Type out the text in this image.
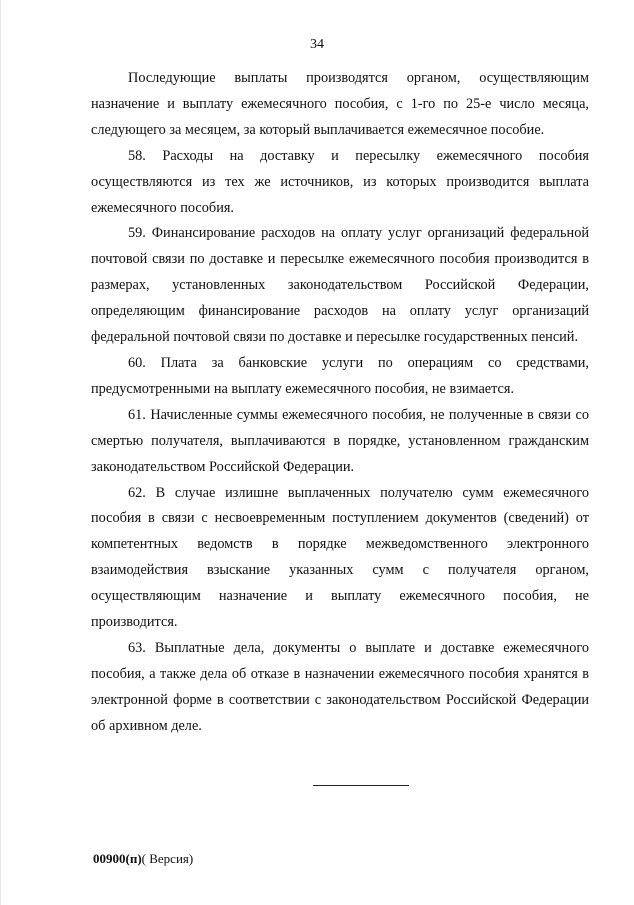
34

Последующие выплаты производятся органом, осуществляющим назначение и выплату ежемесячного пособия, с 1-го по 25-е число месяца, следующего за месяцем, за который выплачивается ежемесячное пособие.

58. Расходы на доставку и пересылку ежемесячного пособия осуществляются из тех же источников, из которых производится выплата ежемесячного пособия.

59. Финансирование расходов на оплату услуг организаций федеральной почтовой связи по доставке и пересылке ежемесячного пособия производится в размерах, установленных законодательством Российской Федерации, определяющим финансирование расходов на оплату услуг организаций федеральной почтовой связи по доставке и пересылке государственных пенсий.

60. Плата за банковские услуги по операциям со средствами, предусмотренными на выплату ежемесячного пособия, не взимается.

61. Начисленные суммы ежемесячного пособия, не полученные в связи со смертью получателя, выплачиваются в порядке, установленном гражданским законодательством Российской Федерации.

62. В случае излишне выплаченных получателю сумм ежемесячного пособия в связи с несвоевременным поступлением документов (сведений) от компетентных ведомств в порядке межведомственного электронного взаимодействия взыскание указанных сумм с получателя органом, осуществляющим назначение и выплату ежемесячного пособия, не производится.

63. Выплатные дела, документы о выплате и доставке ежемесячного пособия, а также дела об отказе в назначении ежемесячного пособия хранятся в электронной форме в соответствии с законодательством Российской Федерации об архивном деле.

00900(п)( Версия)
